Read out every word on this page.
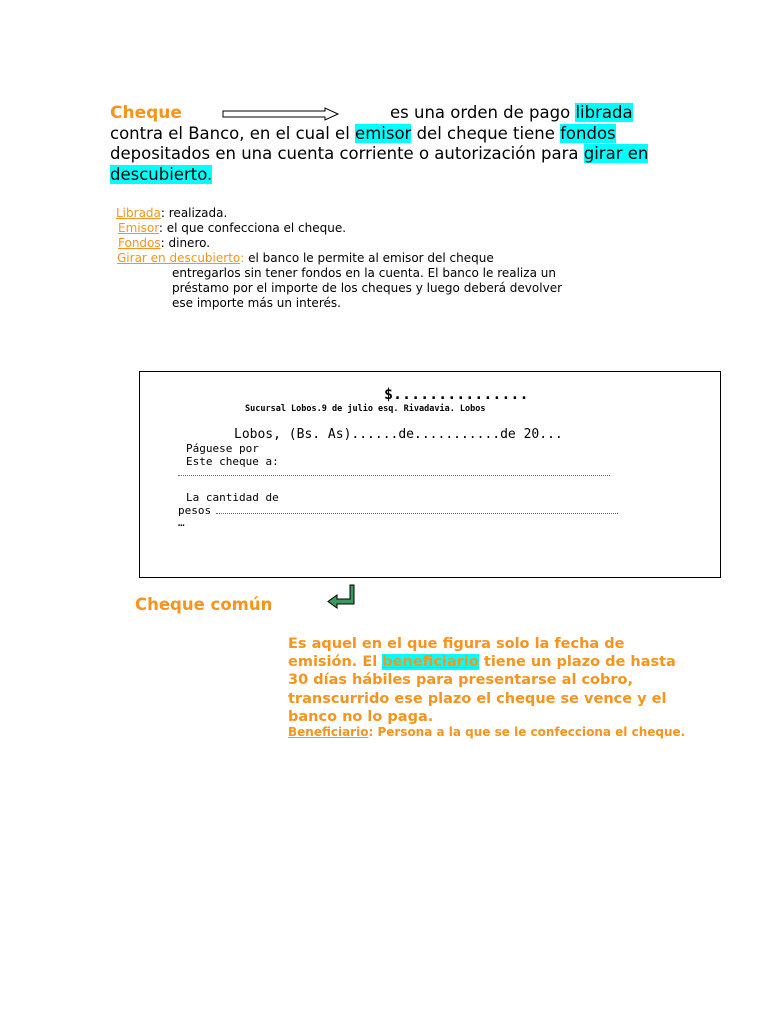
Cheque	es una orden de pago librada
contra el Banco, en el cual el emisor del cheque tiene fondos
depositados en una cuenta corriente o autorización para girar en
descubierto.
Librada: realizada.
Emisor: el que confecciona el cheque.
Fondos: dinero.
Girar en descubierto: el banco le permite al emisor del cheque
entregarlos sin tener fondos en la cuenta. El banco le realiza un
préstamo por el importe de los cheques y luego deberá devolver
ese importe más un interés.
$...............
Sucursal Lobos.9 de julio esq. Rivadavia. Lobos
Lobos, (Bs. As)......de...........de 20...
Páguese por
Este cheque a:
La cantidad de
pesos
…
Cheque común
Es aquel en el que figura solo la fecha de
emisión. El beneficiario tiene un plazo de hasta
30 días hábiles para presentarse al cobro,
transcurrido ese plazo el cheque se vence y el
banco no lo paga.
Beneficiario: Persona a la que se le confecciona el cheque.
